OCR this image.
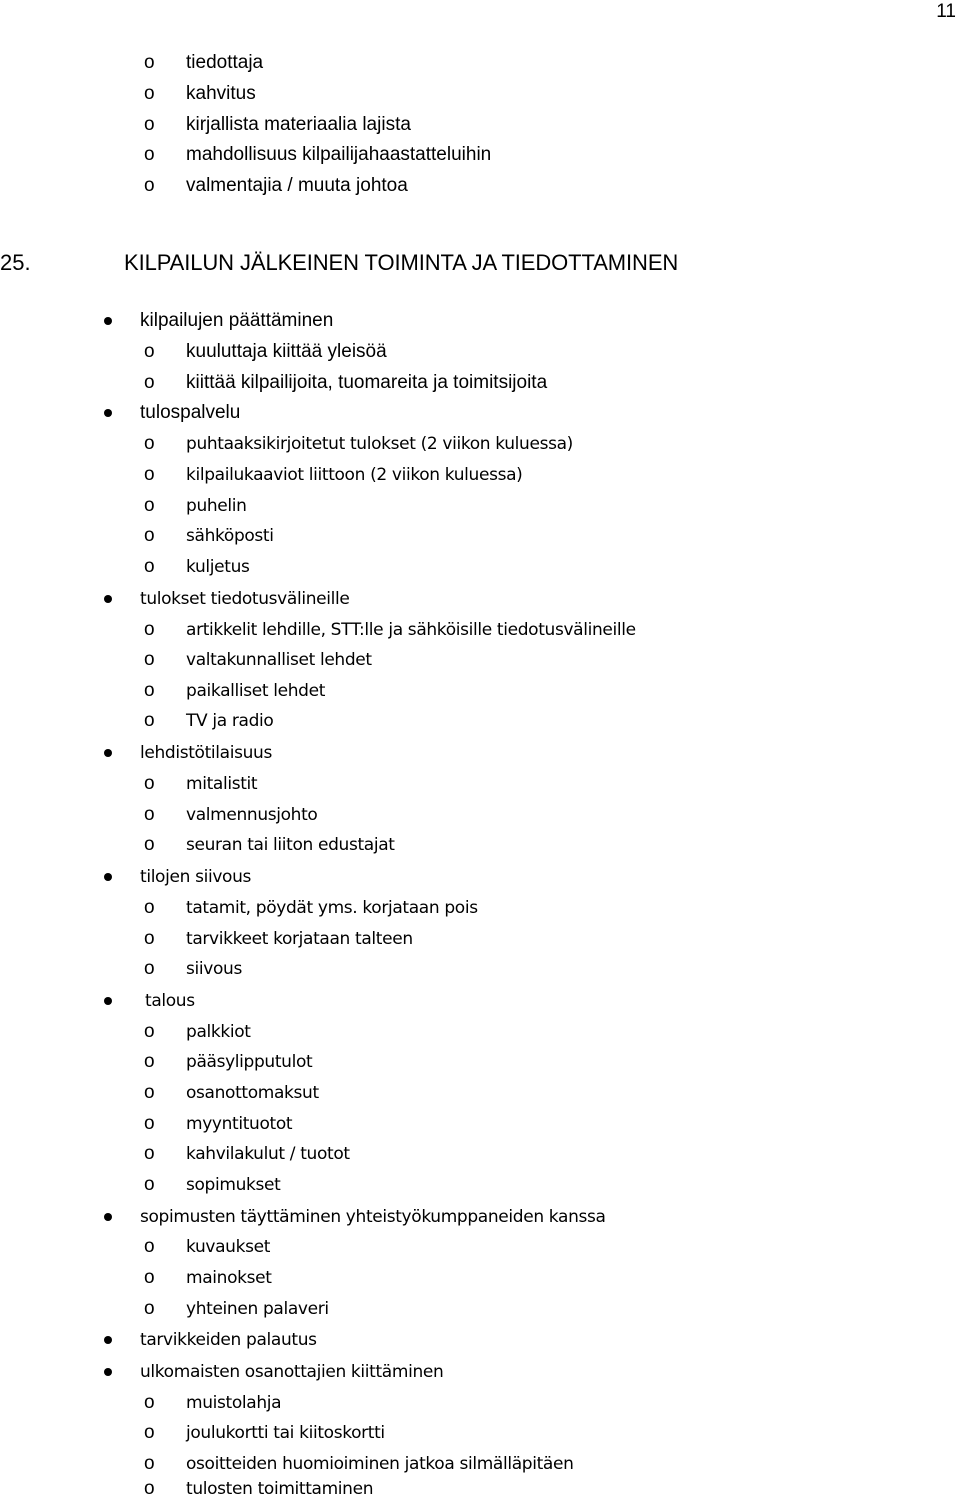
11
o tiedottaja
o kahvitus
o kirjallista materiaalia lajista
o mahdollisuus kilpailijahaastatteluihin
o valmentajia / muuta johtoa
25.	KILPAILUN JÄLKEINEN TOIMINTA JA TIEDOTTAMINEN
kilpailujen päättäminen
o kuuluttaja kiittää yleisöä
o kiittää kilpailijoita, tuomareita ja toimitsijoita
tulospalvelu
o puhtaaksikirjoitetut tulokset (2 viikon kuluessa)
o kilpailukaaviot liittoon (2 viikon kuluessa)
o puhelin
o sähköposti
o kuljetus
tulokset tiedotusvälineille
o artikkelit lehdille, STT:lle ja sähköisille tiedotusvälineille
o valtakunnalliset lehdet
o paikalliset lehdet
o TV ja radio
lehdistötilaisuus
o mitalistit
o valmennusjohto
o seuran tai liiton edustajat
tilojen siivous
o tatamit, pöydät yms. korjataan pois
o tarvikkeet korjataan talteen
o siivous
talous
o palkkiot
o pääsylipputulot
o osanottomaksut
o myyntituotot
o kahvilakulut / tuotot
o sopimukset
sopimusten täyttäminen yhteistyökumppaneiden kanssa
o kuvaukset
o mainokset
o yhteinen palaveri
tarvikkeiden palautus
ulkomaisten osanottajien kiittäminen
o muistolahja
o joulukortti tai kiitoskortti
o osoitteiden huomioiminen jatkoa silmälläpitäen
o tulosten toimittaminen
